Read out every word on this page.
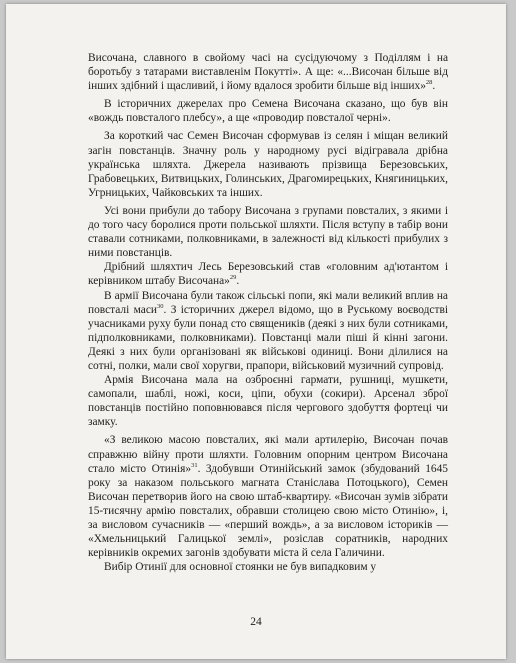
Височана, славного в свойому часі на сусідуючому з Поділлям і на боротьбу з татарами виставленім Покутті». А ще: «...Височан більше від інших здібний і щасливий, і йому вдалося зробити більше від інших»$^{28}$.

В історичних джерелах про Семена Височана сказано, що був він «вождь повсталого плебсу», а ще «проводир повсталої черні».

За короткий час Семен Височан сформував із селян і міщан великий загін повстанців. Значну роль у народному русі відігравала дрібна українська шляхта. Джерела називають прізвища Березовських, Грабовецьких, Витвицьких, Голинських, Драгомирецьких, Княгиницьких, Угрницьких, Чайковських та інших.

Усі вони прибули до табору Височана з групами повсталих, з якими і до того часу боролися проти польської шляхти. Після вступу в табір вони ставали сотниками, полковниками, в залежності від кількості прибулих з ними повстанців.

Дрібний шляхтич Лесь Березовський став «головним ад'ютантом і керівником штабу Височана»$^{29}$.

В армії Височана були також сільські попи, які мали великий вплив на повсталі маси$^{30}$. З історичних джерел відомо, що в Руському воєводстві учасниками руху були понад сто священиків (деякі з них були сотниками, підполковниками, полковниками). Повстанці мали піші й кінні загони. Деякі з них були організовані як військові одиниці. Вони ділилися на сотні, полки, мали свої хоругви, прапори, військовий музичний супровід.

Армія Височана мала на озброєнні гармати, рушниці, мушкети, самопали, шаблі, ножі, коси, ціпи, обухи (сокири). Арсенал зброї повстанців постійно поповнювався після чергового здобуття фортеці чи замку.

«З великою масою повсталих, які мали артилерію, Височан почав справжню війну проти шляхти. Головним опорним центром Височана стало місто Отинія»$^{31}$. Здобувши Отинійський замок (збудований 1645 року за наказом польського магната Станіслава Потоцького), Семен Височан перетворив його на свою штаб-квартиру. «Височан зумів зібрати 15-тисячну армію повсталих, обравши столицею свою місто Отинію», і, за висловом сучасників — «перший вождь», а за висловом істориків — «Хмельницький Галицької землі», розіслав соратників, народних керівників окремих загонів здобувати міста й села Галичини.

Вибір Отинії для основної стоянки не був випадковим у

24
